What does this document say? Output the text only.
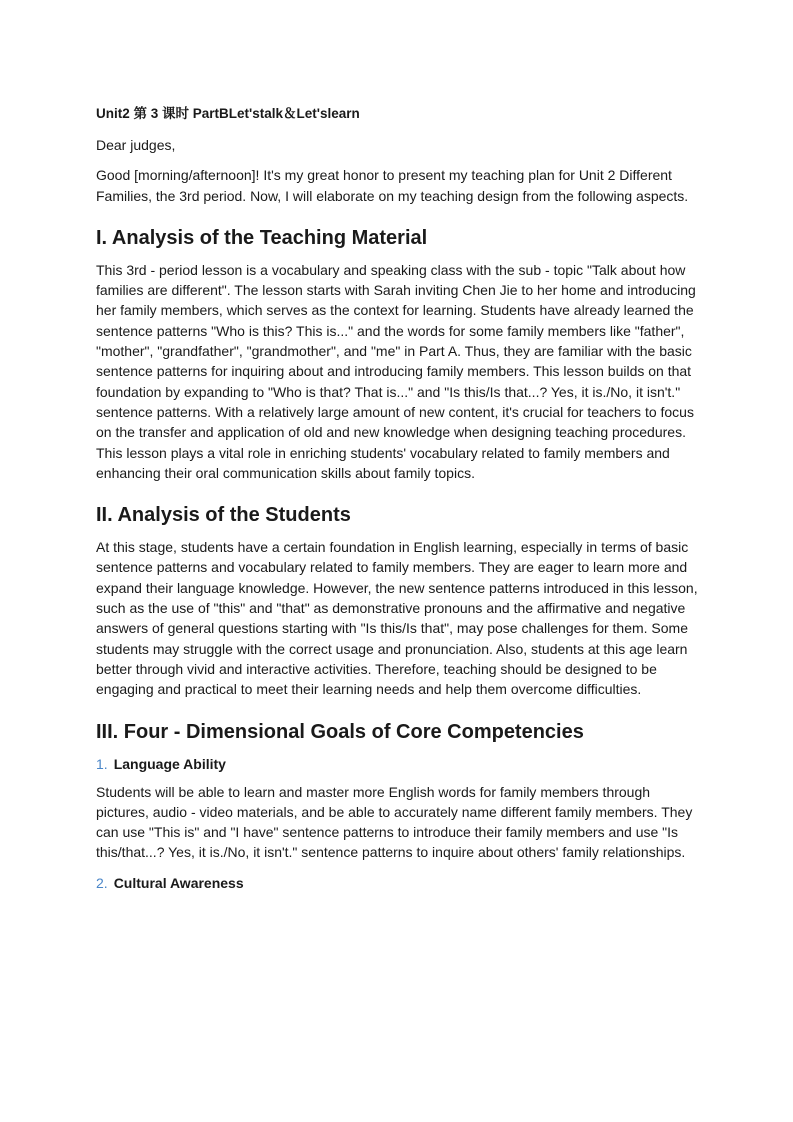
Unit2 第 3 课时 PartBLet'stalk＆Let'slearn

Dear judges,

Good [morning/afternoon]! It's my great honor to present my teaching plan for Unit 2 Different Families, the 3rd period. Now, I will elaborate on my teaching design from the following aspects.

I. Analysis of the Teaching Material

This 3rd - period lesson is a vocabulary and speaking class with the sub - topic "Talk about how families are different". The lesson starts with Sarah inviting Chen Jie to her home and introducing her family members, which serves as the context for learning. Students have already learned the sentence patterns "Who is this? This is..." and the words for some family members like "father", "mother", "grandfather", "grandmother", and "me" in Part A. Thus, they are familiar with the basic sentence patterns for inquiring about and introducing family members. This lesson builds on that foundation by expanding to "Who is that? That is..." and "Is this/Is that...? Yes, it is./No, it isn't." sentence patterns. With a relatively large amount of new content, it's crucial for teachers to focus on the transfer and application of old and new knowledge when designing teaching procedures. This lesson plays a vital role in enriching students' vocabulary related to family members and enhancing their oral communication skills about family topics.

II. Analysis of the Students

At this stage, students have a certain foundation in English learning, especially in terms of basic sentence patterns and vocabulary related to family members. They are eager to learn more and expand their language knowledge. However, the new sentence patterns introduced in this lesson, such as the use of "this" and "that" as demonstrative pronouns and the affirmative and negative answers of general questions starting with "Is this/Is that", may pose challenges for them. Some students may struggle with the correct usage and pronunciation. Also, students at this age learn better through vivid and interactive activities. Therefore, teaching should be designed to be engaging and practical to meet their learning needs and help them overcome difficulties.

III. Four - Dimensional Goals of Core Competencies
1. Language Ability

Students will be able to learn and master more English words for family members through pictures, audio - video materials, and be able to accurately name different family members. They can use "This is" and "I have" sentence patterns to introduce their family members and use "Is this/that...? Yes, it is./No, it isn't." sentence patterns to inquire about others' family relationships.

2. Cultural Awareness
